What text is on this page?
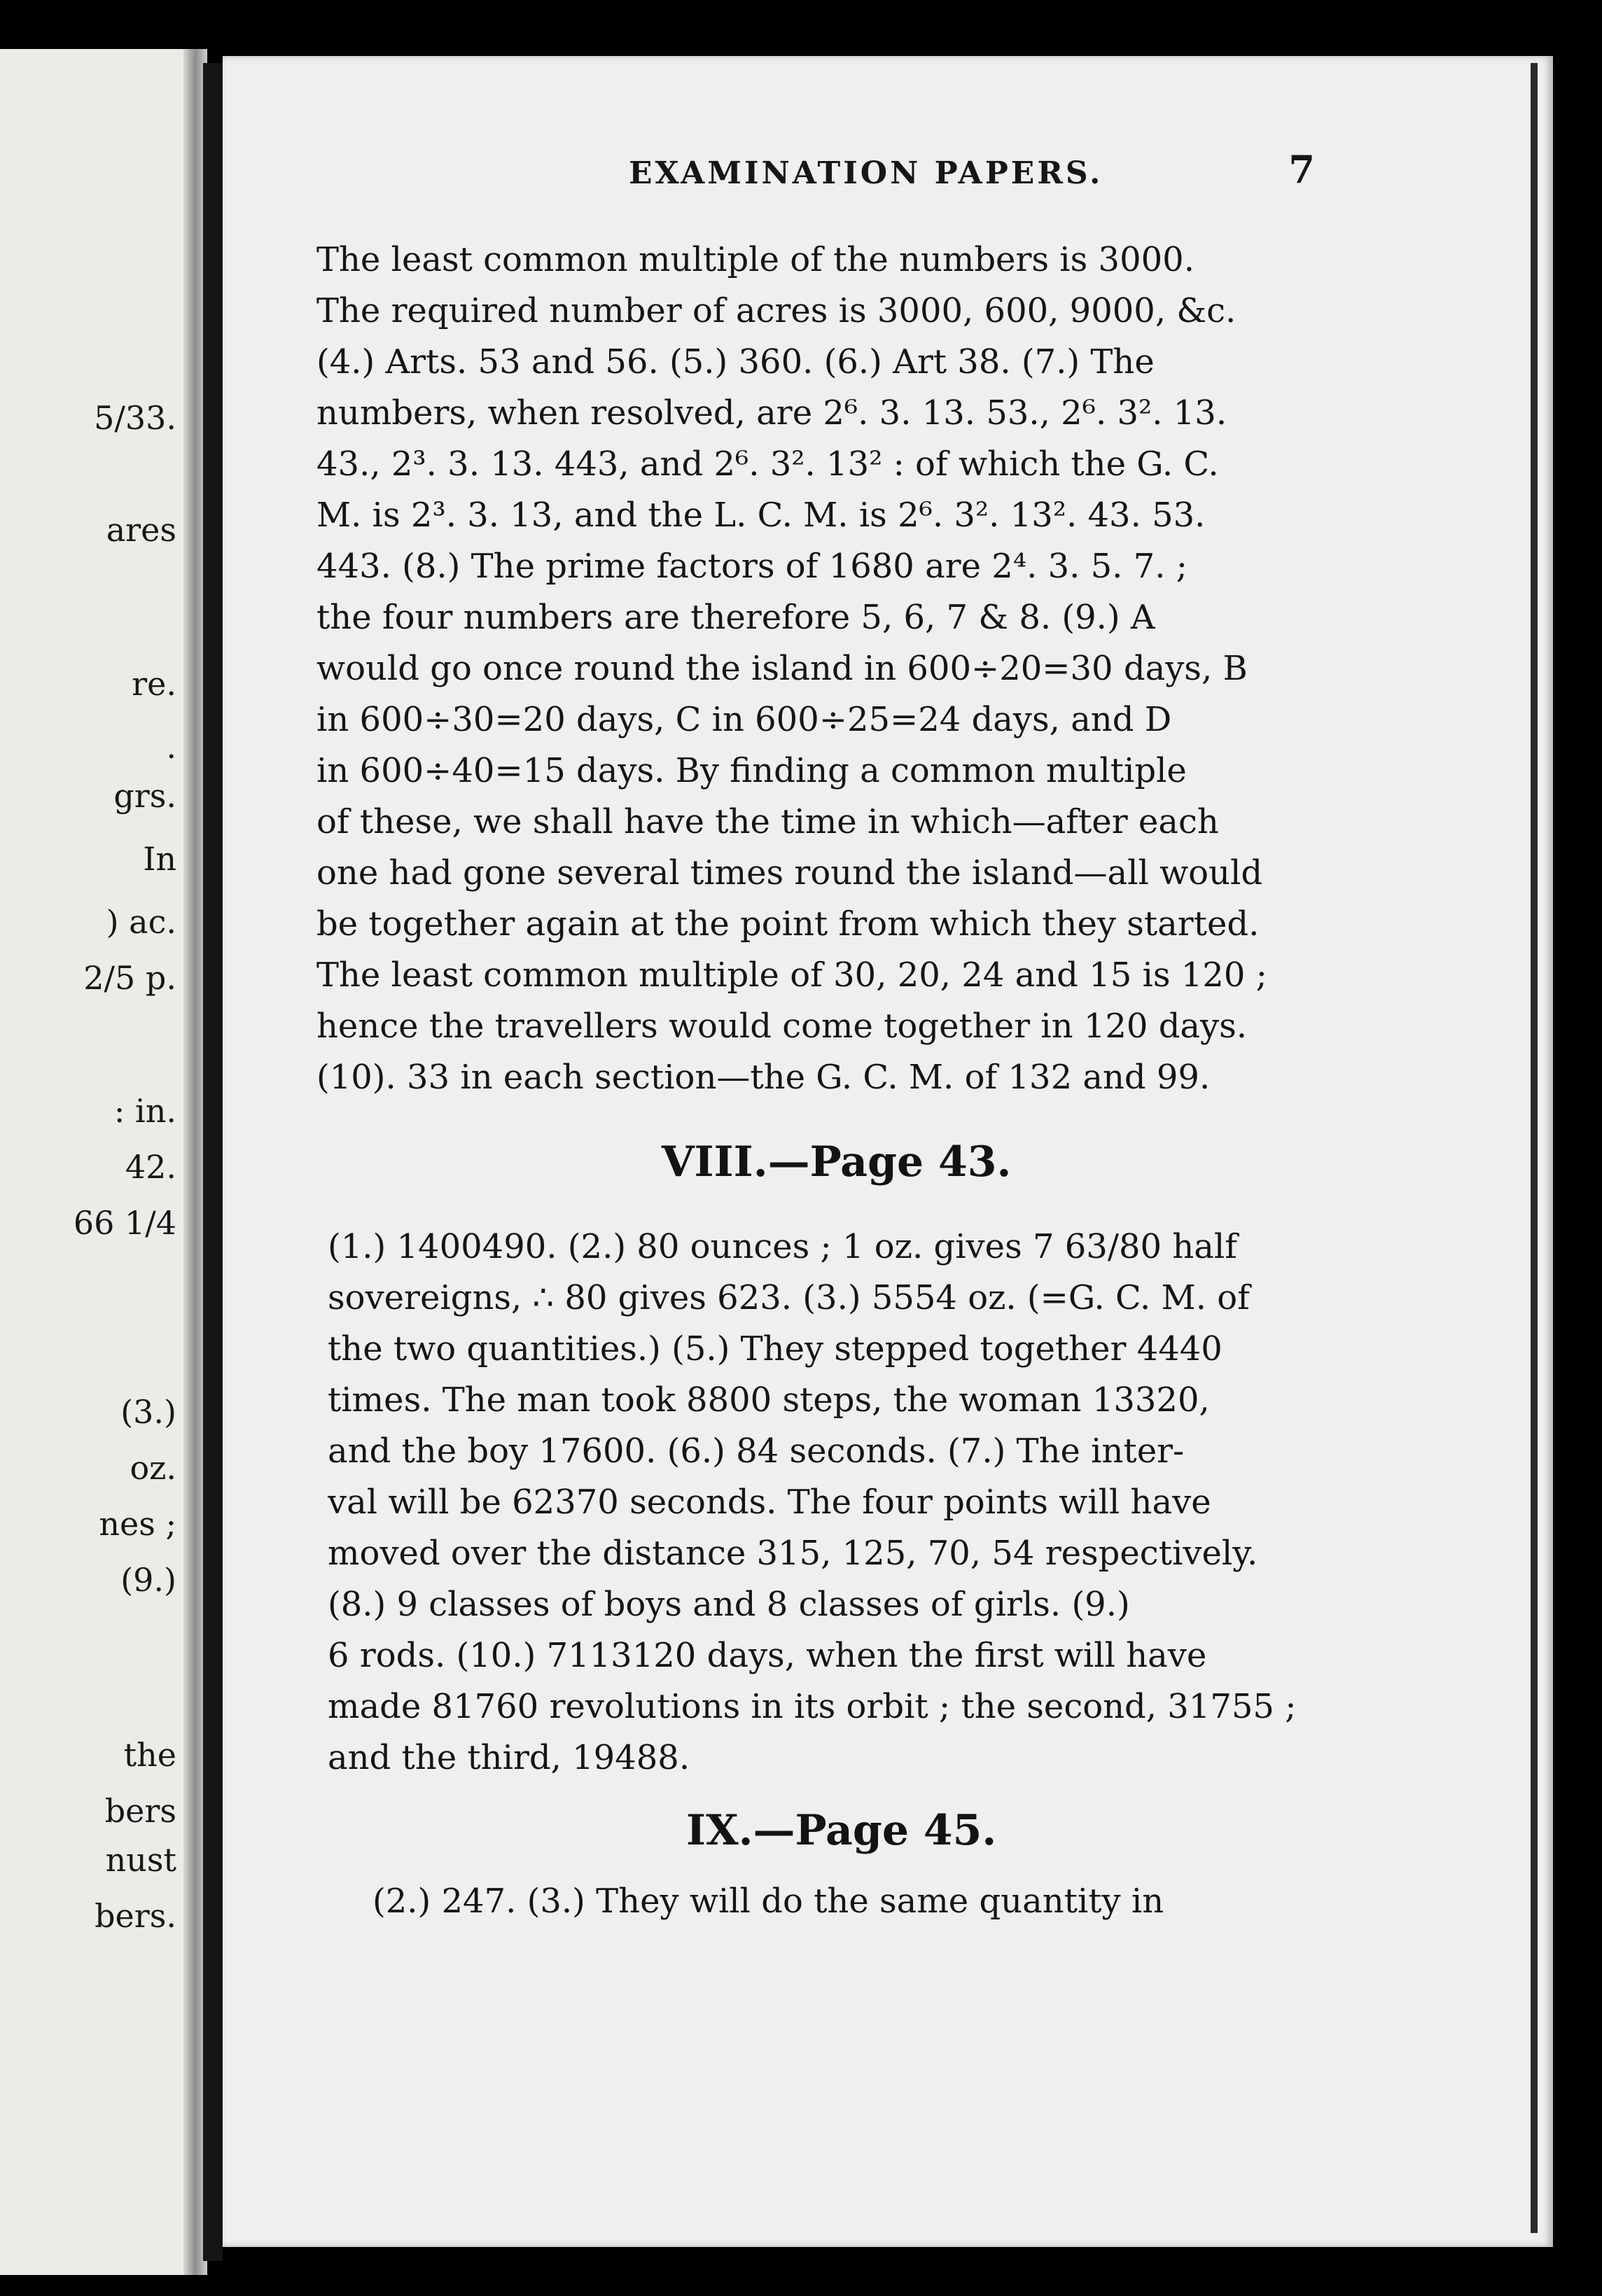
5/33.

ares

re.

.

grs.

In

) ac.

2/5 p.

: in.

42.

66 1/4

(3.)

oz.

nes ;

(9.)

the

bers

nust

bers.

EXAMINATION PAPERS.	7
The least common multiple of the numbers is 3000.
The required number of acres is 3000, 600, 9000, &c.
(4.) Arts. 53 and 56. (5.) 360. (6.) Art 38. (7.) The
numbers, when resolved, are 2⁶. 3. 13. 53., 2⁶. 3². 13.
43., 2³. 3. 13. 443, and 2⁶. 3². 13² : of which the G. C.
M. is 2³. 3. 13, and the L. C. M. is 2⁶. 3². 13². 43. 53.
443. (8.) The prime factors of 1680 are 2⁴. 3. 5. 7. ;
the four numbers are therefore 5, 6, 7 & 8. (9.) A
would go once round the island in 600÷20=30 days, B
in 600÷30=20 days, C in 600÷25=24 days, and D
in 600÷40=15 days. By finding a common multiple
of these, we shall have the time in which—after each
one had gone several times round the island—all would
be together again at the point from which they started.
The least common multiple of 30, 20, 24 and 15 is 120 ;
hence the travellers would come together in 120 days.
(10). 33 in each section—the G. C. M. of 132 and 99.

VIII.—Page 43.

(1.) 1400490. (2.) 80 ounces ; 1 oz. gives 7 63/80 half
sovereigns, ∴ 80 gives 623. (3.) 5554 oz. (=G. C. M. of
the two quantities.) (5.) They stepped together 4440
times. The man took 8800 steps, the woman 13320,
and the boy 17600. (6.) 84 seconds. (7.) The inter-
val will be 62370 seconds. The four points will have
moved over the distance 315, 125, 70, 54 respectively.
(8.) 9 classes of boys and 8 classes of girls. (9.)
6 rods. (10.) 7113120 days, when the first will have
made 81760 revolutions in its orbit ; the second, 31755 ;
and the third, 19488.

IX.—Page 45.

(2.) 247. (3.) They will do the same quantity in
